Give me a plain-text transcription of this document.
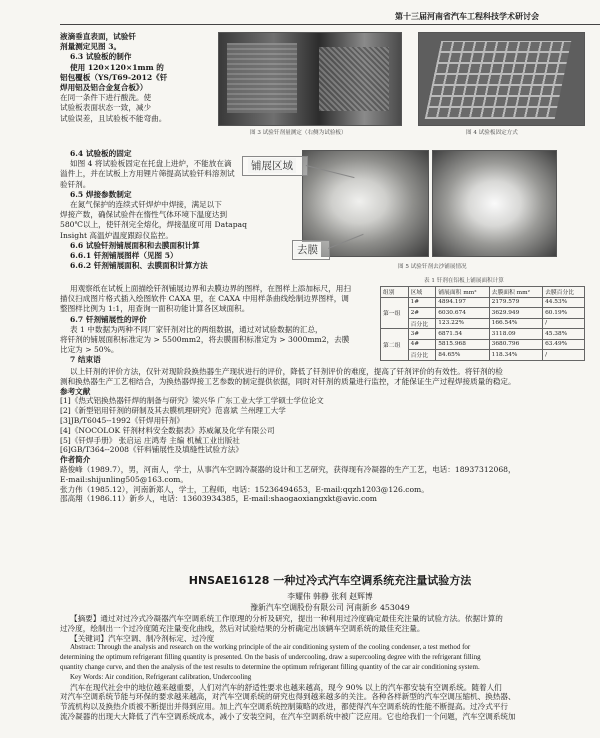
第十三届河南省汽车工程科技学术研讨会
液滴垂直表面，试验钎
剂量测定见图 3。
6.3 试验板的制作
使用 120×120×1mm 的
铝包覆板（YS/T69-2012《钎
焊用铝及铝合金复合板》）
在同一条件下进行酸洗。使
试验板表面状态一致，减少
试验误差，且试验板不能弯曲。
图 3 试验钎剂量测定（右侧为试验板）	图 4 试验板固定方式
6.4 试验板的固定
如图 4 将试验板固定在托盘上进炉，不能放在滴
溢件上，并在试板上方用锂片筛提高试验钎料溶剂试
验钎剂。
6.5 焊接参数制定
在氮气保护的连续式钎焊炉中焊接，满足以下
焊接产数，确保试验件在惰性气体环境下温度达到
580℃以上，使钎剂完全熔化，焊接温度可用 Datapaq
Insight 高温炉温度跟踪仪监控。
6.6 试验钎剂铺展面积和去膜面积计算
6.6.1 钎剂铺展图样（见图 5）
6.6.2 钎剂铺展面积、去膜面积计算方法
铺展区域
去膜
图 5 试验钎剂去沙铺展情况
表 1 钎剂在铝板上铺展面积计算
组别	区域	铺展面积 mm²	去膜面积 mm²	去膜百分比
第一组	1#	4894.197	2179.579	44.53%
	2#	6030.674	3629.949	60.19%
	百分比	123.22%	166.54%	/
第二组	3#	6871.54	3118.09	45.38%
	4#	5815.968	3680.796	63.49%
	百分比	84.65%	118.34%	/
用观察纸在试板上面描绘钎剂铺展边界和去膜边界的图样，在图样上添加标尺，用扫
描仪扫成图片格式插入绘图软件 CAXA 里，在 CAXA 中用样条曲线绘制边界图样，调
整图样比例为 1:1，用查询一面积功能计算各区域面积。
6.7 钎剂铺展性的评价
表 1 中数据为两种不同厂家钎剂对比的两组数据，通过对试验数据的汇总，
将钎剂的铺展面积标准定为 > 5500mm2，将去膜面积标准定为 > 3000mm2，去膜
比定为 > 50%。
7 结束语
以上钎剂的评价方法，仅针对现阶段换热器生产现状进行的评价，降低了钎剂评价的难度，提高了钎剂评价的有效性。将钎剂的检
测和换热器生产工艺相结合，为换热器焊接工艺参数的制定提供依据，同时对钎剂的质量进行监控，才能保证生产过程焊接质量的稳定。
参考文献
[1]《热式铝换热器钎焊的制备与研究》梁兴华 广东工业大学工学硕士学位论文
[2]《新型铝用钎剂的研制及其去膜机理研究》范喜斌 兰州理工大学
[3]JB/T6045--1992《钎焊用钎剂》
[4]《NOCOLOK 钎剂材料安全数据表》苏威氟及化学有限公司
[5]《钎焊手册》 张启运 庄鸿寿 主编 机械工业出版社
[6]GB/T364--2008《钎料铺展性及填缝性试验方法》
作者简介
路俊峰（1989.7），男，河南人，学士，从事汽车空调冷凝器的设计和工艺研究，获得现有冷凝器的生产工艺，电话：18937312068，
E-mail:shijunling505@163.com。
张力伟（1985.12），河南新郑人，学士，工程师，电话：15236494653，E-mail:qqzh1203@126.com。
邵高翔（1986.11）新乡人，电话：13603934385，E-mail:shaogaoxiangxkt@avic.com
HNSAE16128 一种过冷式汽车空调系统充注量试验方法
李耀伟 韩静 张利 赵辉博
豫新汽车空调股份有限公司 河南新乡 453049
【摘要】通过对过冷式冷凝器汽车空调系统工作原理的分析及研究，提出一种利用过冷度确定最佳充注量的试验方法。依据计算的
过冷度，绘制出一个过冷度随充注量变化曲线，然后对试验结果的分析确定出该辆车空调系统的最佳充注量。
【关键词】汽车空调、制冷剂标定、过冷度
Abstract: Through the analysis and research on the working principle of the air conditioning system of the cooling condenser, a test method for
determining the optimum refrigerant filling quantity is presented. On the basis of undercooling, draw a supercooling degree with the refrigerant filling
quantity change curve, and then the analysis of the test results to determine the optimum refrigerant filling quantity of the car air conditioning system.
Key Words: Air condition, Refrigerant calibration, Undercooling
汽车在现代社会中的地位越来越重要，人们对汽车的舒适性要求也越来越高，现今 90% 以上的汽车都安装有空调系统。随着人们
对汽车空调系统节能与环保的要求越来越高，对汽车空调系统的研究也得到越来越多的关注。各种各样新型的汽车空调压缩机、换热器、
节流机构以及换热介质被不断提出并得到应用。加上汽车空调系统控制策略的改进，都使得汽车空调系统的性能不断提高。过冷式平行
流冷凝器的出现大大降低了汽车空调系统成本，减小了安装空间，在汽车空调系统中被广泛应用。它也给我们一个问题，汽车空调系统加
